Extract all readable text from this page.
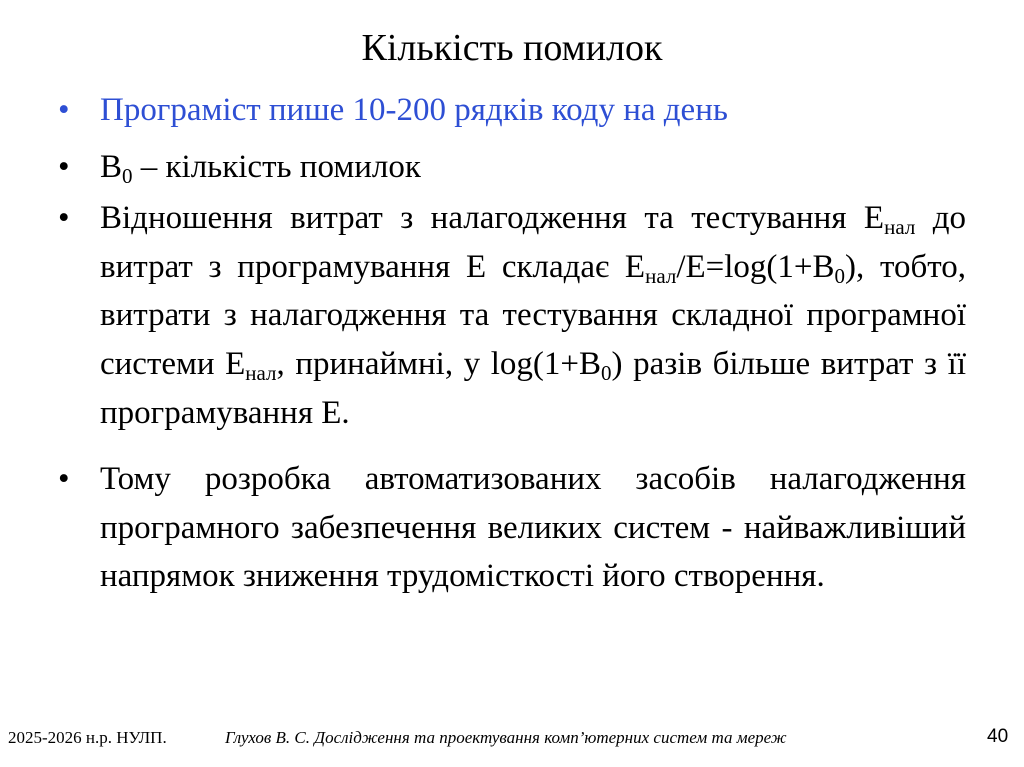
Кількість помилок
• Програміст пише 10-200 рядків коду на день
• $B_0$ – кількість помилок
• Відношення витрат з налагодження та тестування $E_{нал}$ до витрат з програмування E складає $E_{нал}/E=\log(1+B_0)$, тобто, витрати з налагодження та тестування складної програмної системи $E_{нал}$, принаймні, у $\log(1+B_0)$ разів більше витрат з її програмування E.
• Тому розробка автоматизованих засобів налагодження програмного забезпечення великих систем - найважливіший напрямок зниження трудомісткості його створення.
2025-2026 н.р. НУЛП.	Глухов В. С. Дослідження та проектування комп’ютерних систем та мереж	40
